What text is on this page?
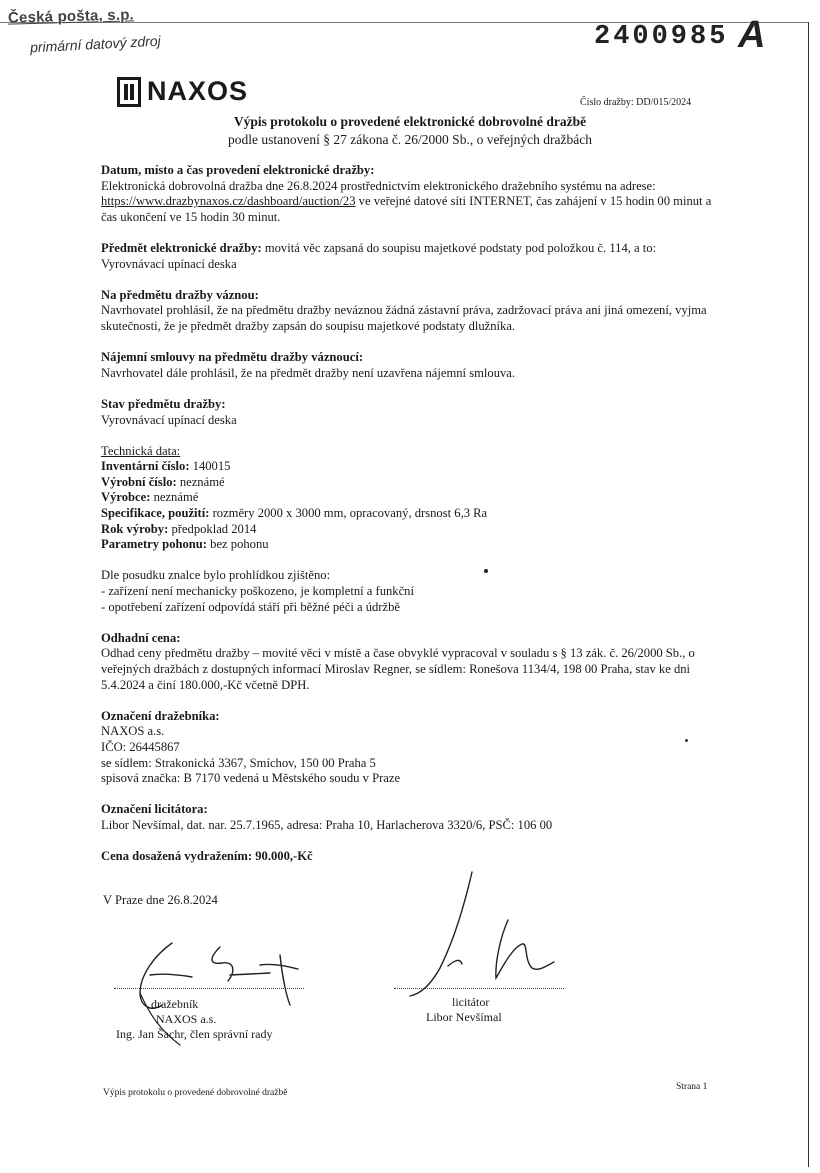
Česká pošta, s.p.
primární datový zdroj	2400985 A
NAXOS	Číslo dražby: DD/015/2024
Výpis protokolu o provedené elektronické dobrovolné dražbě
podle ustanovení § 27 zákona č. 26/2000 Sb., o veřejných dražbách

Datum, místo a čas provedení elektronické dražby:

Elektronická dobrovolná dražba dne 26.8.2024 prostřednictvím elektronického dražebního systému na adrese: https://www.drazbynaxos.cz/dashboard/auction/23 ve veřejné datové síti INTERNET, čas zahájení v 15 hodin 00 minut a čas ukončení ve 15 hodin 30 minut.

Předmět elektronické dražby: movitá věc zapsaná do soupisu majetkové podstaty pod položkou č. 114, a to:

Vyrovnávací upínací deska

Na předmětu dražby váznou:

Navrhovatel prohlásil, že na předmětu dražby neváznou žádná zástavní práva, zadržovací práva ani jiná omezení, vyjma skutečnosti, že je předmět dražby zapsán do soupisu majetkové podstaty dlužníka.

Nájemní smlouvy na předmětu dražby váznoucí:

Navrhovatel dále prohlásil, že na předmět dražby není uzavřena nájemní smlouva.

Stav předmětu dražby:

Vyrovnávací upínací deska

Technická data:

Inventární číslo: 140015

Výrobní číslo: neznámé

Výrobce: neznámé

Specifikace, použití: rozměry 2000 x 3000 mm, opracovaný, drsnost 6,3 Ra

Rok výroby: předpoklad 2014

Parametry pohonu: bez pohonu

Dle posudku znalce bylo prohlídkou zjištěno:

- zařízení není mechanicky poškozeno, je kompletní a funkční

- opotřebení zařízení odpovídá stáří při běžné péči a údržbě

Odhadní cena:

Odhad ceny předmětu dražby – movité věci v místě a čase obvyklé vypracoval v souladu s § 13 zák. č. 26/2000 Sb., o veřejných dražbách z dostupných informací Miroslav Regner, se sídlem: Ronešova 1134/4, 198 00 Praha, stav ke dni 5.4.2024 a činí 180.000,-Kč včetně DPH.

Označení dražebníka:

NAXOS a.s.

IČO: 26445867

se sídlem: Strakonická 3367, Smíchov, 150 00 Praha 5

spisová značka: B 7170 vedená u Městského soudu v Praze

Označení licitátora:

Libor Nevšímal, dat. nar. 25.7.1965, adresa: Praha 10, Harlacherova 3320/6, PSČ: 106 00

Cena dosažená vydražením: 90.000,-Kč

V Praze dne 26.8.2024
dražebník
NAXOS a.s.
Ing. Jan Šachr, člen správní rady
licitátor
Libor Nevšímal
Výpis protokolu o provedené dobrovolné dražbě
Strana 1
